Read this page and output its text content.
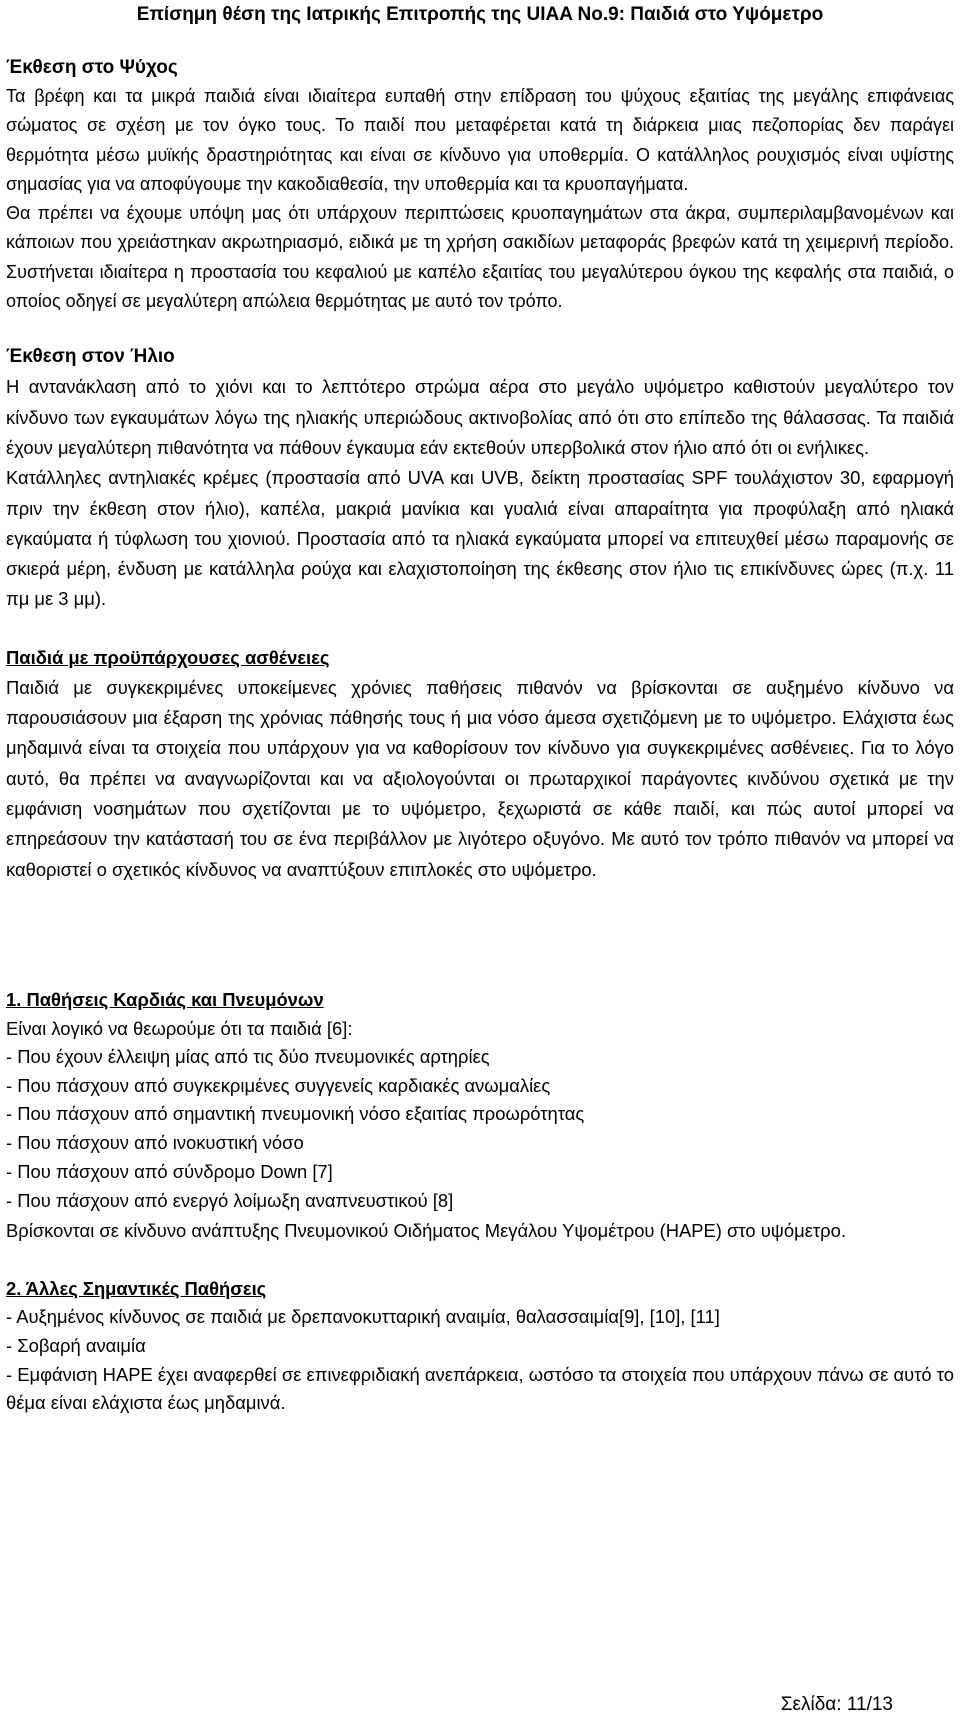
Επίσημη θέση της Ιατρικής Επιτροπής της UIAA No.9: Παιδιά στο Υψόμετρο

Έκθεση στο Ψύχος

Τα βρέφη και τα μικρά παιδιά είναι ιδιαίτερα ευπαθή στην επίδραση του ψύχους εξαιτίας της μεγάλης επιφάνειας σώματος σε σχέση με τον όγκο τους. Το παιδί που μεταφέρεται κατά τη διάρκεια μιας πεζοπορίας δεν παράγει θερμότητα μέσω μυϊκής δραστηριότητας και είναι σε κίνδυνο για υποθερμία. Ο κατάλληλος ρουχισμός είναι υψίστης σημασίας για να αποφύγουμε την κακοδιαθεσία, την υποθερμία και τα κρυοπαγήματα.

Θα πρέπει να έχουμε υπόψη μας ότι υπάρχουν περιπτώσεις κρυοπαγημάτων στα άκρα, συμπεριλαμβανομένων και κάποιων που χρειάστηκαν ακρωτηριασμό, ειδικά με τη χρήση σακιδίων μεταφοράς βρεφών κατά τη χειμερινή περίοδο. Συστήνεται ιδιαίτερα η προστασία του κεφαλιού με καπέλο εξαιτίας του μεγαλύτερου όγκου της κεφαλής στα παιδιά, ο οποίος οδηγεί σε μεγαλύτερη απώλεια θερμότητας με αυτό τον τρόπο.

Έκθεση στον Ήλιο

Η αντανάκλαση από το χιόνι και το λεπτότερο στρώμα αέρα στο μεγάλο υψόμετρο καθιστούν μεγαλύτερο τον κίνδυνο των εγκαυμάτων λόγω της ηλιακής υπεριώδους ακτινοβολίας από ότι στο επίπεδο της θάλασσας. Τα παιδιά έχουν μεγαλύτερη πιθανότητα να πάθουν έγκαυμα εάν εκτεθούν υπερβολικά στον ήλιο από ότι οι ενήλικες.

Κατάλληλες αντηλιακές κρέμες (προστασία από UVA και UVB, δείκτη προστασίας SPF τουλάχιστον 30, εφαρμογή πριν την έκθεση στον ήλιο), καπέλα, μακριά μανίκια και γυαλιά είναι απαραίτητα για προφύλαξη από ηλιακά εγκαύματα ή τύφλωση του χιονιού. Προστασία από τα ηλιακά εγκαύματα μπορεί να επιτευχθεί μέσω παραμονής σε σκιερά μέρη, ένδυση με κατάλληλα ρούχα και ελαχιστοποίηση της έκθεσης στον ήλιο τις επικίνδυνες ώρες (π.χ. 11 πμ με 3 μμ).

Παιδιά με προϋπάρχουσες ασθένειες

Παιδιά με συγκεκριμένες υποκείμενες χρόνιες παθήσεις πιθανόν να βρίσκονται σε αυξημένο κίνδυνο να παρουσιάσουν μια έξαρση της χρόνιας πάθησής τους ή μια νόσο άμεσα σχετιζόμενη με το υψόμετρο. Ελάχιστα έως μηδαμινά είναι τα στοιχεία που υπάρχουν για να καθορίσουν τον κίνδυνο για συγκεκριμένες ασθένειες. Για το λόγο αυτό, θα πρέπει να αναγνωρίζονται και να αξιολογούνται οι πρωταρχικοί παράγοντες κινδύνου σχετικά με την εμφάνιση νοσημάτων που σχετίζονται με το υψόμετρο, ξεχωριστά σε κάθε παιδί, και πώς αυτοί μπορεί να επηρεάσουν την κατάστασή του σε ένα περιβάλλον με λιγότερο οξυγόνο. Με αυτό τον τρόπο πιθανόν να μπορεί να καθοριστεί ο σχετικός κίνδυνος να αναπτύξουν επιπλοκές στο υψόμετρο.

1. Παθήσεις Καρδιάς και Πνευμόνων

Είναι λογικό να θεωρούμε ότι τα παιδιά [6]:

- Που έχουν έλλειψη μίας από τις δύο πνευμονικές αρτηρίες
- Που πάσχουν από συγκεκριμένες συγγενείς καρδιακές ανωμαλίες
- Που πάσχουν από σημαντική πνευμονική νόσο εξαιτίας προωρότητας
- Που πάσχουν από ινοκυστική νόσο
- Που πάσχουν από σύνδρομο Down [7]
- Που πάσχουν από ενεργό λοίμωξη αναπνευστικού [8]

Βρίσκονται σε κίνδυνο ανάπτυξης Πνευμονικού Οιδήματος Μεγάλου Υψομέτρου (HAPE) στο υψόμετρο.

2. Άλλες Σημαντικές Παθήσεις

- Αυξημένος κίνδυνος σε παιδιά με δρεπανοκυτταρική αναιμία, θαλασσαιμία[9], [10], [11]
- Σοβαρή αναιμία
- Εμφάνιση HAPE έχει αναφερθεί σε επινεφριδιακή ανεπάρκεια, ωστόσο τα στοιχεία που υπάρχουν πάνω σε αυτό το θέμα είναι ελάχιστα έως μηδαμινά.
Σελίδα: 11/13
